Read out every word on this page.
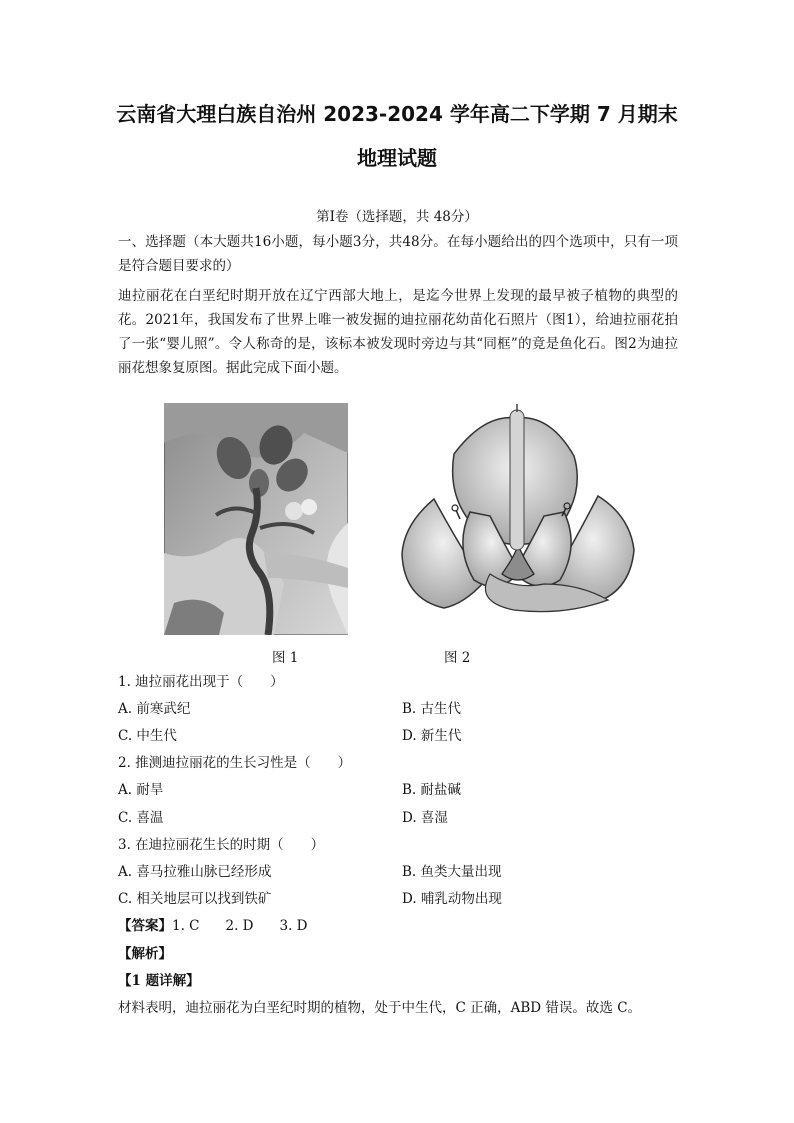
云南省大理白族自治州 2023-2024 学年高二下学期 7 月期末
地理试题
第Ⅰ卷（选择题，共 48分）
一、选择题（本大题共16小题，每小题3分，共48分。在每小题给出的四个选项中，只有一项是符合题目要求的）
迪拉丽花在白垩纪时期开放在辽宁西部大地上，是迄今世界上发现的最早被子植物的典型的花。2021年，我国发布了世界上唯一被发掘的迪拉丽花幼苗化石照片（图1），给迪拉丽花拍了一张“婴儿照”。令人称奇的是，该标本被发现时旁边与其“同框”的竟是鱼化石。图2为迪拉丽花想象复原图。据此完成下面小题。
图 1	图 2
1. 迪拉丽花出现于（　　）
A. 前寒武纪	B. 古生代
C. 中生代	D. 新生代
2. 推测迪拉丽花的生长习性是（　　）
A. 耐旱	B. 耐盐碱
C. 喜温	D. 喜湿
3. 在迪拉丽花生长的时期（　　）
A. 喜马拉雅山脉已经形成	B. 鱼类大量出现
C. 相关地层可以找到铁矿	D. 哺乳动物出现
【答案】1. C 2. D 3. D
【解析】
【1 题详解】
材料表明，迪拉丽花为白垩纪时期的植物，处于中生代，C 正确，ABD 错误。故选 C。
